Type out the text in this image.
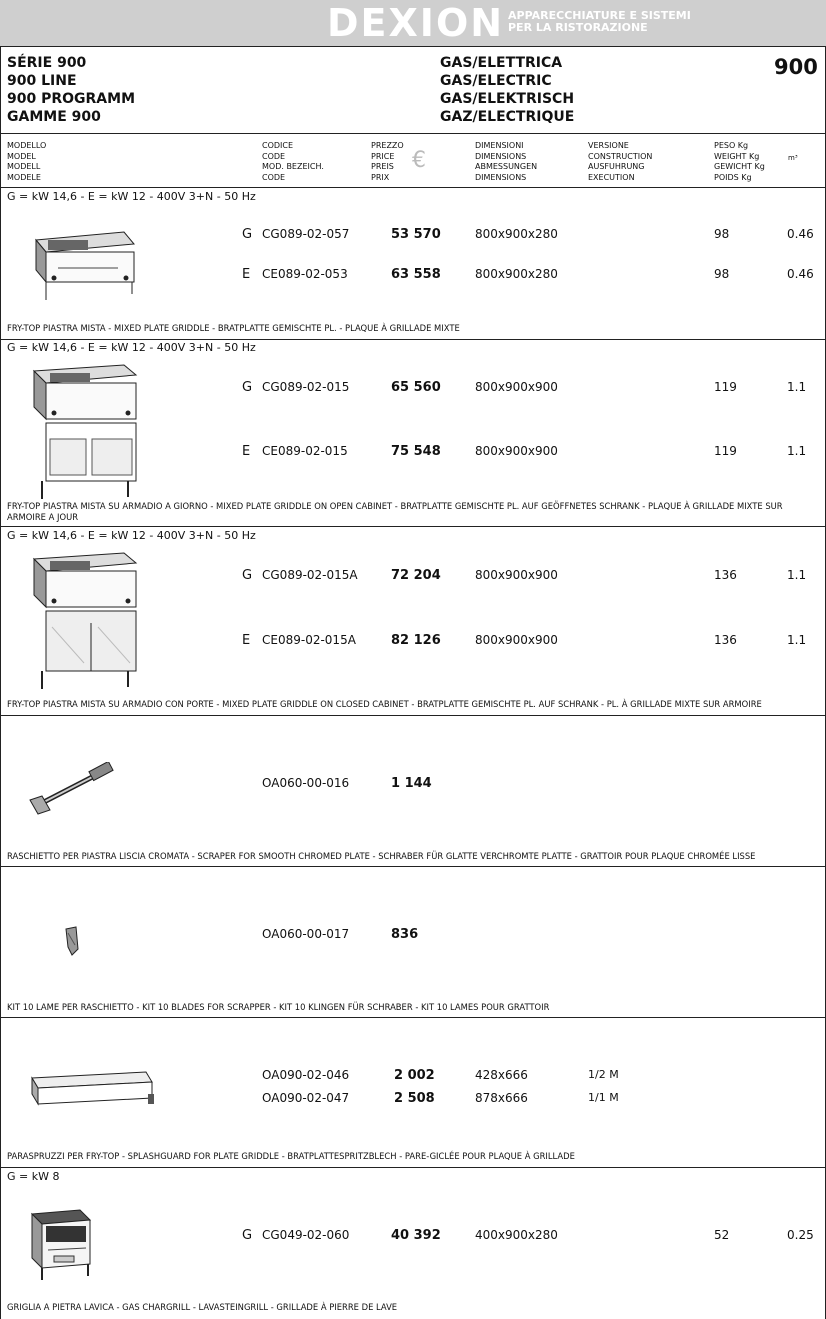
DEXION APPARECCHIATURE E SISTEMI
PER LA RISTORAZIONE
SÉRIE 900
900 LINE
900 PROGRAMM
GAMME 900
GAS/ELETTRICA
GAS/ELECTRIC
GAS/ELEKTRISCH
GAZ/ELECTRIQUE
900
MODELLO
MODEL
MODELL
MODELE
CODICE
CODE
MOD. BEZEICH.
CODE
PREZZO
PRICE
PREIS
PRIX
€
DIMENSIONI
DIMENSIONS
ABMESSUNGEN
DIMENSIONS
VERSIONE
CONSTRUCTION
AUSFUHRUNG
EXECUTION
PESO Kg
WEIGHT Kg
GEWICHT Kg
POIDS Kg
m³
G = kW 14,6 - E = kW 12 - 400V 3+N - 50 Hz
G CG089-02-057	53 570	800x900x280	98	0.46
E CE089-02-053	63 558	800x900x280	98	0.46
FRY-TOP PIASTRA MISTA - MIXED PLATE GRIDDLE - BRATPLATTE GEMISCHTE PL. - PLAQUE À GRILLADE MIXTE
G = kW 14,6 - E = kW 12 - 400V 3+N - 50 Hz
G CG089-02-015	65 560	800x900x900	119	1.1
E CE089-02-015	75 548	800x900x900	119	1.1
FRY-TOP PIASTRA MISTA SU ARMADIO A GIORNO - MIXED PLATE GRIDDLE ON OPEN CABINET - BRATPLATTE GEMISCHTE PL. AUF GEÖFFNETES SCHRANK - PLAQUE À GRILLADE MIXTE SUR ARMOIRE A JOUR
G = kW 14,6 - E = kW 12 - 400V 3+N - 50 Hz
G CG089-02-015A	72 204	800x900x900	136	1.1
E CE089-02-015A	82 126	800x900x900	136	1.1
FRY-TOP PIASTRA MISTA SU ARMADIO CON PORTE - MIXED PLATE GRIDDLE ON CLOSED CABINET - BRATPLATTE GEMISCHTE PL. AUF SCHRANK - PL. À GRILLADE MIXTE SUR ARMOIRE
OA060-00-016	1 144
RASCHIETTO PER PIASTRA LISCIA CROMATA - SCRAPER FOR SMOOTH CHROMED PLATE - SCHRABER FÜR GLATTE VERCHROMTE PLATTE - GRATTOIR POUR PLAQUE CHROMÉE LISSE
OA060-00-017	836
KIT 10 LAME PER RASCHIETTO - KIT 10 BLADES FOR SCRAPPER - KIT 10 KLINGEN FÜR SCHRABER - KIT 10 LAMES POUR GRATTOIR
OA090-02-046	2 002	428x666	1/2 M
OA090-02-047	2 508	878x666	1/1 M
PARASPRUZZI PER FRY-TOP - SPLASHGUARD FOR PLATE GRIDDLE - BRATPLATTESPRITZBLECH - PARE-GICLÉE POUR PLAQUE À GRILLADE
G = kW 8
G CG049-02-060	40 392	400x900x280	52	0.25
GRIGLIA A PIETRA LAVICA - GAS CHARGRILL - LAVASTEINGRILL - GRILLADE À PIERRE DE LAVE
